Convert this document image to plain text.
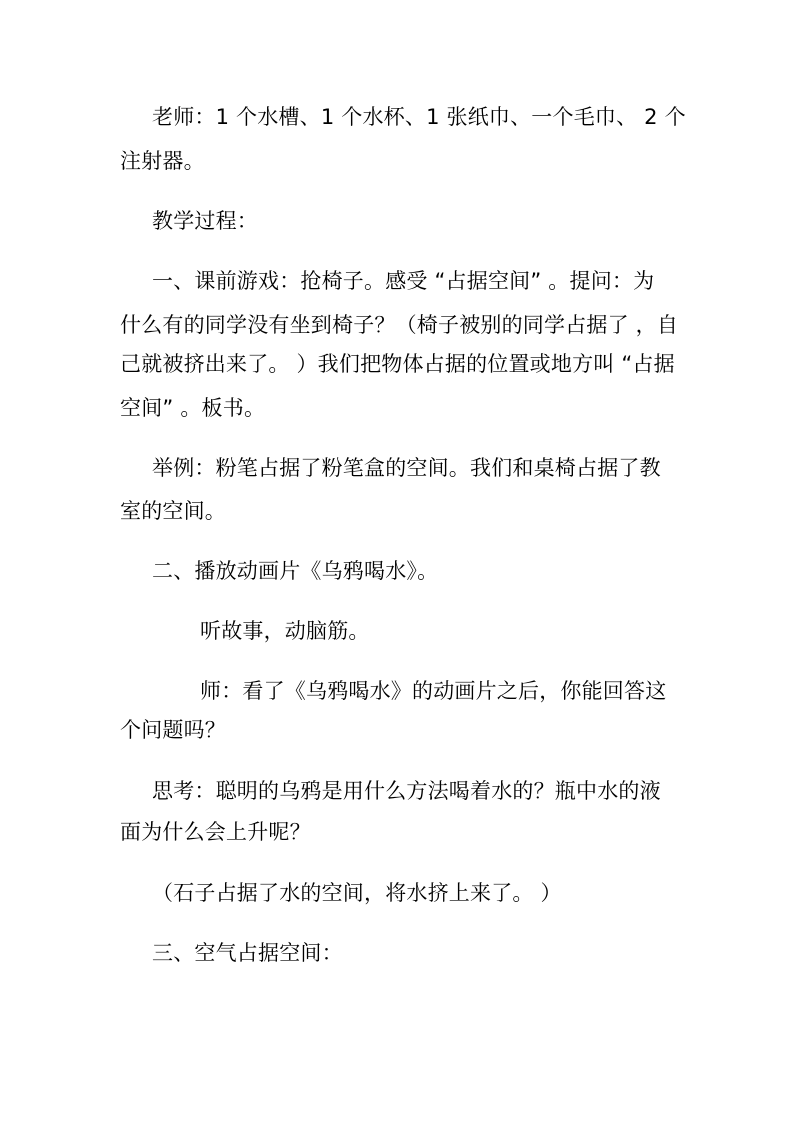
老师：1 个水槽、1 个水杯、1 张纸巾、一个毛巾、 2 个
注射器。
教学过程：
一、课前游戏：抢椅子。感受 “占据空间” 。提问：为
什么有的同学没有坐到椅子？（椅子被别的同学占据了 ，自
己就被挤出来了。 ）我们把物体占据的位置或地方叫 “占据
空间” 。板书。
举例：粉笔占据了粉笔盒的空间。我们和桌椅占据了教
室的空间。
二、播放动画片《乌鸦喝水》。
听故事，动脑筋。
师：看了《乌鸦喝水》的动画片之后，你能回答这
个问题吗？
思考：聪明的乌鸦是用什么方法喝着水的？瓶中水的液
面为什么会上升呢？
（石子占据了水的空间，将水挤上来了。 ）
三、空气占据空间：
